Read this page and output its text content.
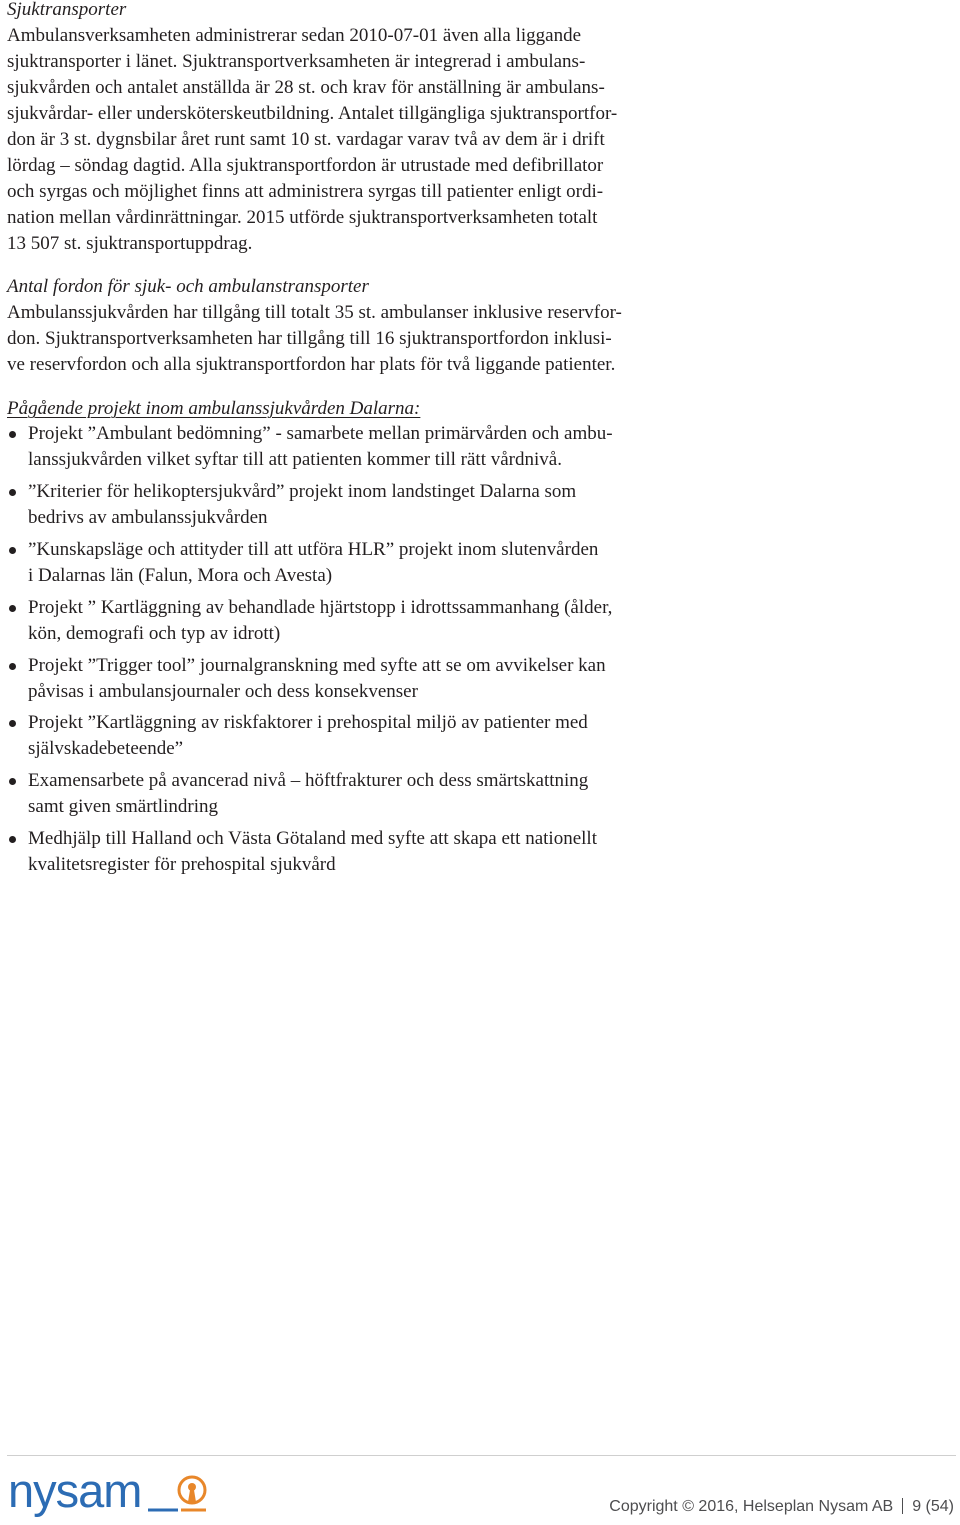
Sjuktransporter
Ambulansverksamheten administrerar sedan 2010-07-01 även alla liggande
sjuktransporter i länet. Sjuktransportverksamheten är integrerad i ambulans-
sjukvården och antalet anställda är 28 st. och krav för anställning är ambulans-
sjukvårdar- eller undersköterskeutbildning. Antalet tillgängliga sjuktransportfor-
don är 3 st. dygnsbilar året runt samt 10 st. vardagar varav två av dem är i drift
lördag – söndag dagtid. Alla sjuktransportfordon är utrustade med defibrillator
och syrgas och möjlighet finns att administrera syrgas till patienter enligt ordi-
nation mellan vårdinrättningar. 2015 utförde sjuktransportverksamheten totalt
13 507 st. sjuktransportuppdrag.
Antal fordon för sjuk- och ambulanstransporter
Ambulanssjukvården har tillgång till totalt 35 st. ambulanser inklusive reservfor-
don. Sjuktransportverksamheten har tillgång till 16 sjuktransportfordon inklusi-
ve reservfordon och alla sjuktransportfordon har plats för två liggande patienter.
Pågående projekt inom ambulanssjukvården Dalarna:
Projekt ”Ambulant bedömning” - samarbete mellan primärvården och ambu-
lanssjukvården vilket syftar till att patienten kommer till rätt vårdnivå.
”Kriterier för helikoptersjukvård” projekt inom landstinget Dalarna som
bedrivs av ambulanssjukvården
”Kunskapsläge och attityder till att utföra HLR” projekt inom slutenvården
i Dalarnas län (Falun, Mora och Avesta)
Projekt ” Kartläggning av behandlade hjärtstopp i idrottssammanhang (ålder,
kön, demografi och typ av idrott)
Projekt ”Trigger tool” journalgranskning med syfte att se om avvikelser kan
påvisas i ambulansjournaler och dess konsekvenser
Projekt ”Kartläggning av riskfaktorer i prehospital miljö av patienter med
självskadebeteende”
Examensarbete på avancerad nivå – höftfrakturer och dess smärtskattning
samt given smärtlindring
Medhjälp till Halland och Västa Götaland med syfte att skapa ett nationellt
kvalitetsregister för prehospital sjukvård
nysam	Copyright © 2016, Helseplan Nysam AB 9 (54)
